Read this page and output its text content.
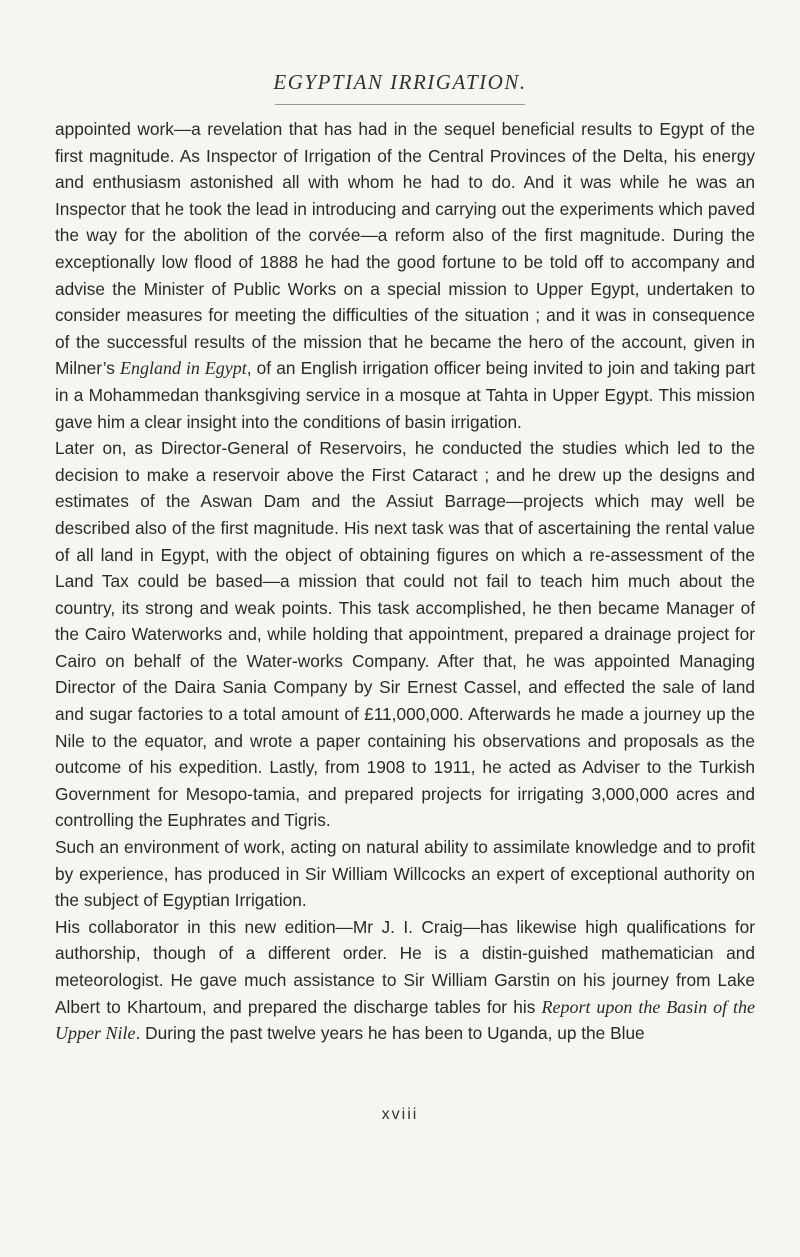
EGYPTIAN IRRIGATION.

appointed work—a revelation that has had in the sequel beneficial results to Egypt of the first magnitude. As Inspector of Irrigation of the Central Provinces of the Delta, his energy and enthusiasm astonished all with whom he had to do. And it was while he was an Inspector that he took the lead in introducing and carrying out the experiments which paved the way for the abolition of the corvée—a reform also of the first magnitude. During the exceptionally low flood of 1888 he had the good fortune to be told off to accompany and advise the Minister of Public Works on a special mission to Upper Egypt, undertaken to consider measures for meeting the difficulties of the situation ; and it was in consequence of the successful results of the mission that he became the hero of the account, given in Milner’s England in Egypt, of an English irrigation officer being invited to join and taking part in a Mohammedan thanksgiving service in a mosque at Tahta in Upper Egypt. This mission gave him a clear insight into the conditions of basin irrigation.

Later on, as Director-General of Reservoirs, he conducted the studies which led to the decision to make a reservoir above the First Cataract ; and he drew up the designs and estimates of the Aswan Dam and the Assiut Barrage—projects which may well be described also of the first magnitude. His next task was that of ascertaining the rental value of all land in Egypt, with the object of obtaining figures on which a re-assessment of the Land Tax could be based—a mission that could not fail to teach him much about the country, its strong and weak points. This task accomplished, he then became Manager of the Cairo Waterworks and, while holding that appointment, prepared a drainage project for Cairo on behalf of the Water-works Company. After that, he was appointed Managing Director of the Daira Sania Company by Sir Ernest Cassel, and effected the sale of land and sugar factories to a total amount of £11,000,000. Afterwards he made a journey up the Nile to the equator, and wrote a paper containing his observations and proposals as the outcome of his expedition. Lastly, from 1908 to 1911, he acted as Adviser to the Turkish Government for Mesopo-tamia, and prepared projects for irrigating 3,000,000 acres and controlling the Euphrates and Tigris.

Such an environment of work, acting on natural ability to assimilate knowledge and to profit by experience, has produced in Sir William Willcocks an expert of exceptional authority on the subject of Egyptian Irrigation.

His collaborator in this new edition—Mr J. I. Craig—has likewise high qualifications for authorship, though of a different order. He is a distin-guished mathematician and meteorologist. He gave much assistance to Sir William Garstin on his journey from Lake Albert to Khartoum, and prepared the discharge tables for his Report upon the Basin of the Upper Nile. During the past twelve years he has been to Uganda, up the Blue

xviii
